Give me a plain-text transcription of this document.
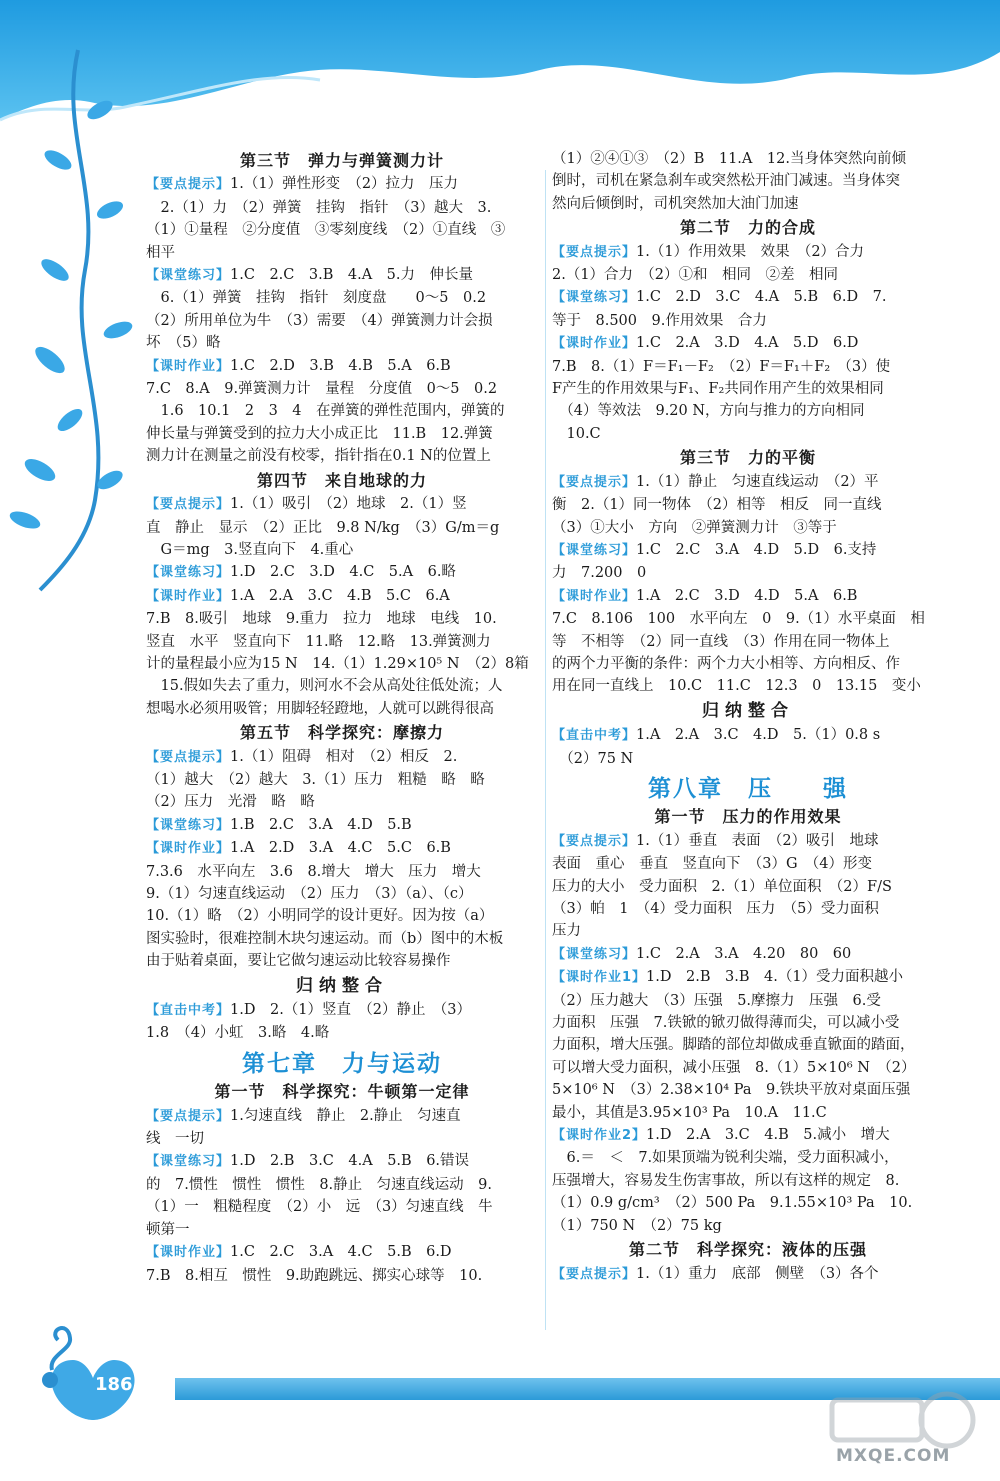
第三节　弹力与弹簧测力计
【要点提示】1.（1）弹性形变　（2）拉力　压力
　2.（1）力　（2）弹簧　挂钩　指针　（3）越大　3.
（1）①量程　②分度值　③零刻度线　（2）①直线　③
相平
【课堂练习】1.C　2.C　3.B　4.A　5.力　伸长量
　6.（1）弹簧　挂钩　指针　刻度盘　　0～5　0.2
（2）所用单位为牛　（3）需要　（4）弹簧测力计会损
坏　（5）略
【课时作业】1.C　2.D　3.B　4.B　5.A　6.B
7.C　8.A　9.弹簧测力计　量程　分度值　0～5　0.2
　1.6　10.1　2　3　4　在弹簧的弹性范围内，弹簧的
伸长量与弹簧受到的拉力大小成正比　11.B　12.弹簧
测力计在测量之前没有校零，指针指在0.1 N的位置上
第四节　来自地球的力
【要点提示】1.（1）吸引　（2）地球　2.（1）竖
直　静止　显示　（2）正比　9.8 N/kg　（3）G/m＝g
　G＝mg　3.竖直向下　4.重心
【课堂练习】1.D　2.C　3.D　4.C　5.A　6.略
【课时作业】1.A　2.A　3.C　4.B　5.C　6.A
7.B　8.吸引　地球　9.重力　拉力　地球　电线　10.
竖直　水平　竖直向下　11.略　12.略　13.弹簧测力
计的量程最小应为15 N　14.（1）1.29×10⁵ N　（2）8箱
　15.假如失去了重力，则河水不会从高处往低处流；人
想喝水必须用吸管；用脚轻轻蹬地，人就可以跳得很高
第五节　科学探究：摩擦力
【要点提示】1.（1）阻碍　相对　（2）相反　2.
（1）越大　（2）越大　3.（1）压力　粗糙　略　略
（2）压力　光滑　略　略
【课堂练习】1.B　2.C　3.A　4.D　5.B
【课时作业】1.A　2.D　3.A　4.C　5.C　6.B
7.3.6　水平向左　3.6　8.增大　增大　压力　增大
9.（1）匀速直线运动　（2）压力　（3）（a）、（c）
10.（1）略　（2）小明同学的设计更好。因为按（a）
图实验时，很难控制木块匀速运动。而（b）图中的木板
由于贴着桌面，要让它做匀速运动比较容易操作
归纳整合
【直击中考】1.D　2.（1）竖直　（2）静止　（3）
1.8　（4）小虹　3.略　4.略
第七章　力与运动
第一节　科学探究：牛顿第一定律
【要点提示】1.匀速直线　静止　2.静止　匀速直
线　一切
【课堂练习】1.D　2.B　3.C　4.A　5.B　6.错误
的　7.惯性　惯性　惯性　8.静止　匀速直线运动　9.
（1）一　粗糙程度　（2）小　远　（3）匀速直线　牛
顿第一
【课时作业】1.C　2.C　3.A　4.C　5.B　6.D
7.B　8.相互　惯性　9.助跑跳远、掷实心球等　10.
（1）②④①③　（2）B　11.A　12.当身体突然向前倾
倒时，司机在紧急刹车或突然松开油门减速。当身体突
然向后倾倒时，司机突然加大油门加速
第二节　力的合成
【要点提示】1.（1）作用效果　效果　（2）合力
2.（1）合力　（2）①和　相同　②差　相同
【课堂练习】1.C　2.D　3.C　4.A　5.B　6.D　7.
等于　8.500　9.作用效果　合力
【课时作业】1.C　2.A　3.D　4.A　5.D　6.D
7.B　8.（1）F＝F₁－F₂　（2）F＝F₁＋F₂　（3）使
F产生的作用效果与F₁、F₂共同作用产生的效果相同
　（4）等效法　9.20 N，方向与推力的方向相同
　10.C
第三节　力的平衡
【要点提示】1.（1）静止　匀速直线运动　（2）平
衡　2.（1）同一物体　（2）相等　相反　同一直线
（3）①大小　方向　②弹簧测力计　③等于
【课堂练习】1.C　2.C　3.A　4.D　5.D　6.支持
力　7.200　0
【课时作业】1.A　2.C　3.D　4.D　5.A　6.B
7.C　8.106　100　水平向左　0　9.（1）水平桌面　相
等　不相等　（2）同一直线　（3）作用在同一物体上
的两个力平衡的条件：两个力大小相等、方向相反、作
用在同一直线上　10.C　11.C　12.3　0　13.15　变小
归纳整合
【直击中考】1.A　2.A　3.C　4.D　5.（1）0.8 s
　（2）75 N
第八章　压　　强
第一节　压力的作用效果
【要点提示】1.（1）垂直　表面　（2）吸引　地球
表面　重心　垂直　竖直向下　（3）G　（4）形变
压力的大小　受力面积　2.（1）单位面积　（2）F/S
（3）帕　1　（4）受力面积　压力　（5）受力面积
压力
【课堂练习】1.C　2.A　3.A　4.20　80　60
【课时作业1】1.D　2.B　3.B　4.（1）受力面积越小
（2）压力越大　（3）压强　5.摩擦力　压强　6.受
力面积　压强　7.铁锨的锨刃做得薄而尖，可以减小受
力面积，增大压强。脚踏的部位却做成垂直锨面的踏面，
可以增大受力面积，减小压强　8.（1）5×10⁶ N　（2）
5×10⁶ N　（3）2.38×10⁴ Pa　9.铁块平放对桌面压强
最小，其值是3.95×10³ Pa　10.A　11.C
【课时作业2】1.D　2.A　3.C　4.B　5.减小　增大
　6.＝　＜　7.如果顶端为锐利尖端，受力面积减小，
压强增大，容易发生伤害事故，所以有这样的规定　8.
（1）0.9 g/cm³　（2）500 Pa　9.1.55×10³ Pa　10.
（1）750 N　（2）75 kg
第二节　科学探究：液体的压强
【要点提示】1.（1）重力　底部　侧壁　（3）各个
186
MXQE.COM
